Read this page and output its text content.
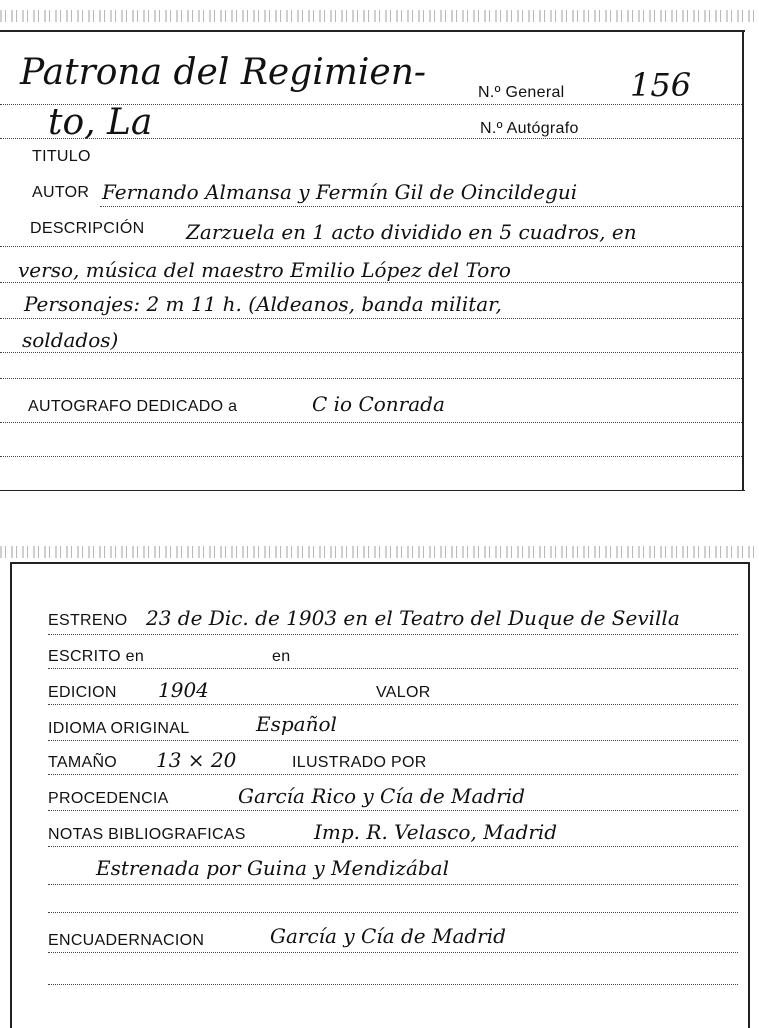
Patrona del Regimien-	N.º General 156
to, La	N.º Autógrafo
TITULO
AUTOR Fernando Almansa y Fermín Gil de Oincildegui
DESCRIPCIÓN Zarzuela en 1 acto dividido en 5 cuadros, en
verso, música del maestro Emilio López del Toro
Personajes: 2 m 11 h. (Aldeanos, banda militar,
soldados)
AUTOGRAFO DEDICADO a	C io Conrada
ESTRENO 23 de Dic. de 1903 en el Teatro del Duque de Sevilla
ESCRITO en	en
EDICION 1904	VALOR
IDIOMA ORIGINAL	Español
TAMAÑO 13 × 20	ILUSTRADO POR
PROCEDENCIA	García Rico y Cía de Madrid
NOTAS BIBLIOGRAFICAS	Imp. R. Velasco, Madrid
Estrenada por Guina y Mendizábal
ENCUADERNACION	García y Cía de Madrid
